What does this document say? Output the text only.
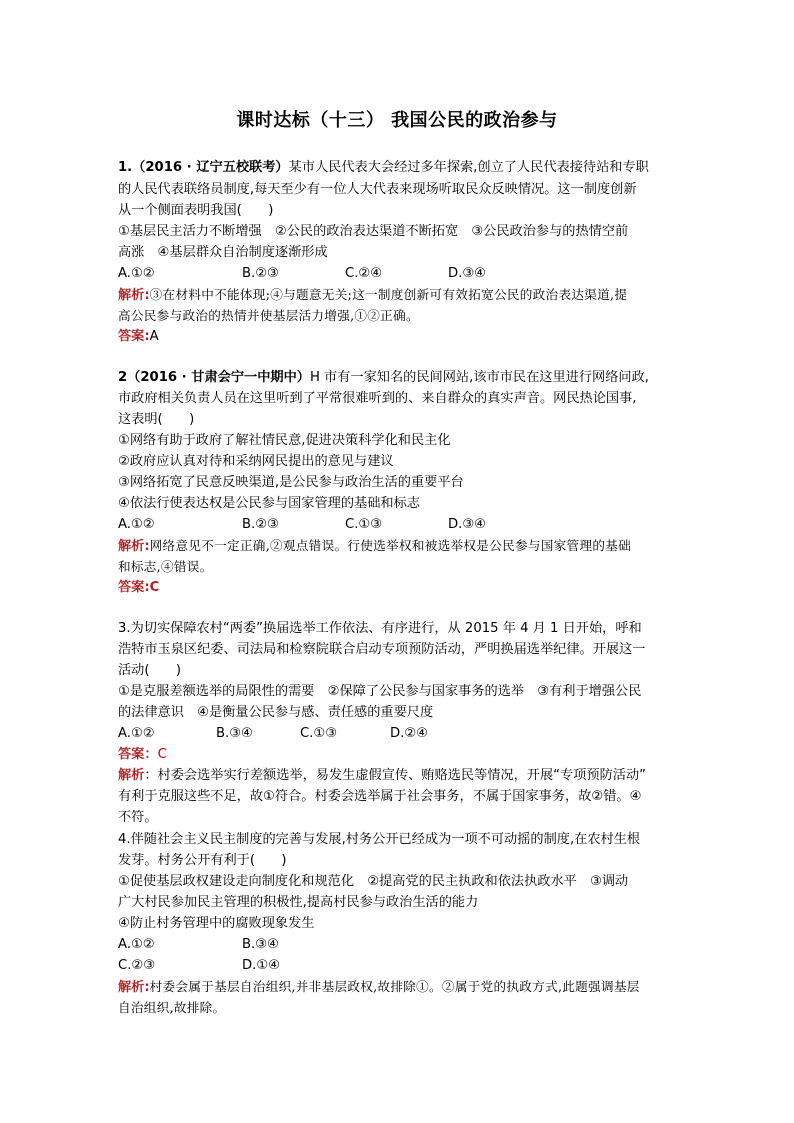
课时达标（十三） 我国公民的政治参与
1.（2016 · 辽宁五校联考）某市人民代表大会经过多年探索,创立了人民代表接待站和专职
的人民代表联络员制度,每天至少有一位人大代表来现场听取民众反映情况。这一制度创新
从一个侧面表明我国(　　)
①基层民主活力不断增强　②公民的政治表达渠道不断拓宽　③公民政治参与的热情空前
高涨　④基层群众自治制度逐渐形成
A.①②	B.②③	C.②④	D.③④
解析:③在材料中不能体现;④与题意无关;这一制度创新可有效拓宽公民的政治表达渠道,提
高公民参与政治的热情并使基层活力增强,①②正确。
答案:A
2（2016 · 甘肃会宁一中期中）H 市有一家知名的民间网站,该市市民在这里进行网络问政,
市政府相关负责人员在这里听到了平常很难听到的、来自群众的真实声音。网民热论国事,
这表明(　　)
①网络有助于政府了解社情民意,促进决策科学化和民主化
②政府应认真对待和采纳网民提出的意见与建议
③网络拓宽了民意反映渠道,是公民参与政治生活的重要平台
④依法行使表达权是公民参与国家管理的基础和标志
A.①②	B.②③	C.①③	D.③④
解析:网络意见不一定正确,②观点错误。行使选举权和被选举权是公民参与国家管理的基础
和标志,④错误。
答案:C
3.为切实保障农村“两委”换届选举工作依法、有序进行，从 2015 年 4 月 1 日开始，呼和
浩特市玉泉区纪委、司法局和检察院联合启动专项预防活动，严明换届选举纪律。开展这一
活动(　　)
①是克服差额选举的局限性的需要　②保障了公民参与国家事务的选举　③有利于增强公民
的法律意识　④是衡量公民参与感、责任感的重要尺度
A.①②	B.③④	C.①③	D.②④
答案：C
解析：村委会选举实行差额选举，易发生虚假宣传、贿赂选民等情况，开展“专项预防活动”
有利于克服这些不足，故①符合。村委会选举属于社会事务，不属于国家事务，故②错。④
不符。
4.伴随社会主义民主制度的完善与发展,村务公开已经成为一项不可动摇的制度,在农村生根
发芽。村务公开有利于(　　)
①促使基层政权建设走向制度化和规范化　②提高党的民主执政和依法执政水平　③调动
广大村民参加民主管理的积极性,提高村民参与政治生活的能力
④防止村务管理中的腐败现象发生
A.①②	B.③④
C.②③	D.①④
解析:村委会属于基层自治组织,并非基层政权,故排除①。②属于党的执政方式,此题强调基层
自治组织,故排除。
